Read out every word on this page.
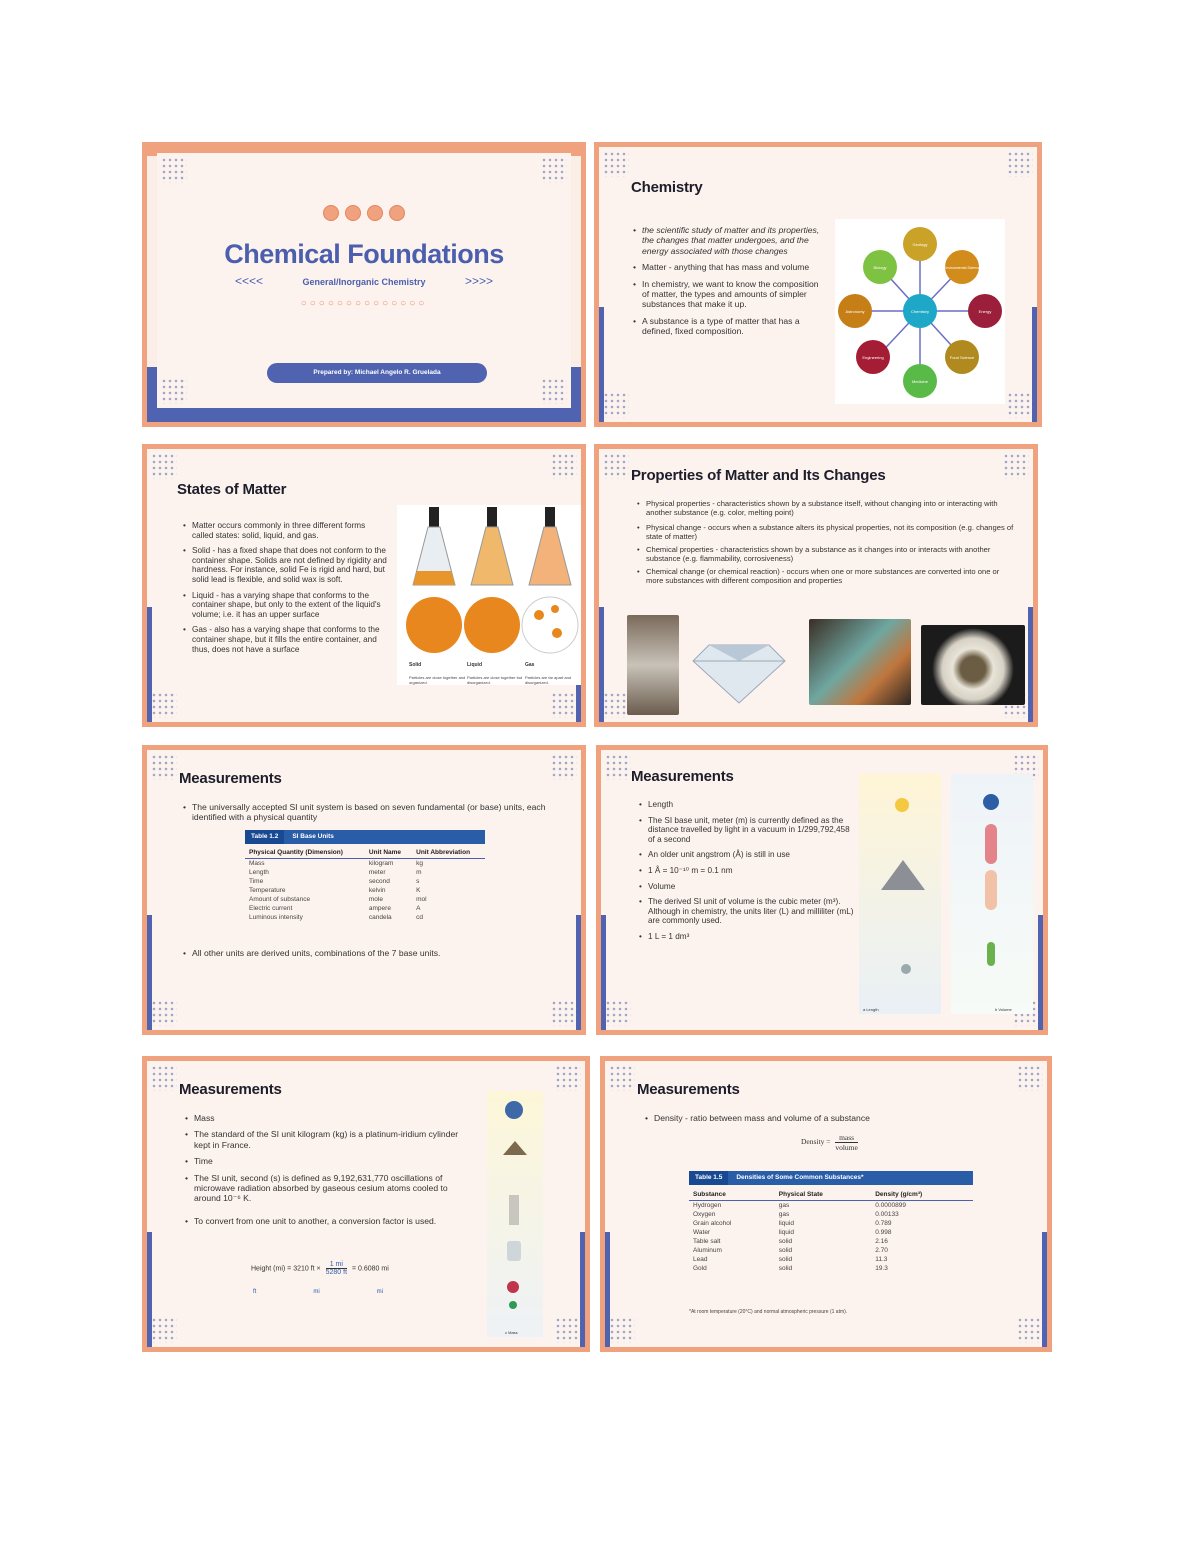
Chemical Foundations
<<<<	General/Inorganic Chemistry	>>>>
○○○○○○○○○○○○○○
Prepared by: Michael Angelo R. Gruelada
Chemistry
• the scientific study of matter and its properties, the changes that matter undergoes, and the energy associated with those changes
• Matter - anything that has mass and volume
• In chemistry, we want to know the composition of matter, the types and amounts of simpler substances that make it up.
• A substance is a type of matter that has a defined, fixed composition.
Chemistry
Biology
Geology
Environmental Science
Energy
Food Science
Medicine
Engineering
Astronomy
States of Matter
• Matter occurs commonly in three different forms called states: solid, liquid, and gas.
• Solid - has a fixed shape that does not conform to the container shape. Solids are not defined by rigidity and hardness. For instance, solid Fe is rigid and hard, but solid lead is flexible, and solid wax is soft.
• Liquid - has a varying shape that conforms to the container shape, but only to the extent of the liquid's volume; i.e. it has an upper surface
• Gas - also has a varying shape that conforms to the container shape, but it fills the entire container, and thus, does not have a surface
Solid	Liquid	Gas
Particles are close together and organized.
Particles are close together but disorganized.
Particles are far apart and disorganized.
Properties of Matter and Its Changes
• Physical properties - characteristics shown by a substance itself, without changing into or interacting with another substance (e.g. color, melting point)
• Physical change - occurs when a substance alters its physical properties, not its composition (e.g. changes of state of matter)
• Chemical properties - characteristics shown by a substance as it changes into or interacts with another substance (e.g. flammability, corrosiveness)
• Chemical change (or chemical reaction) - occurs when one or more substances are converted into one or more substances with different composition and properties
Measurements
• The universally accepted SI unit system is based on seven fundamental (or base) units, each identified with a physical quantity
Table 1.2 SI Base Units
Physical Quantity (Dimension)	Unit Name	Unit Abbreviation
Mass	kilogram	kg
Length	meter	m
Time	second	s
Temperature	kelvin	K
Amount of substance	mole	mol
Electric current	ampere	A
Luminous intensity	candela	cd
• All other units are derived units, combinations of the 7 base units.
Measurements
• Length
• The SI base unit, meter (m) is currently defined as the distance travelled by light in a vacuum in 1/299,792,458 of a second
• An older unit angstrom (Å) is still in use
• 1 Å = 10⁻¹⁰ m = 0.1 nm
• Volume
• The derived SI unit of volume is the cubic meter (m³). Although in chemistry, the units liter (L) and milliliter (mL) are commonly used.
• 1 L = 1 dm³
a Length	b Volume
Measurements
• Mass
• The standard of the SI unit kilogram (kg) is a platinum-iridium cylinder kept in France.
• Time
• The SI unit, second (s) is defined as 9,192,631,770 oscillations of microwave radiation absorbed by gaseous cesium atoms cooled to around 10⁻⁶ K.
• To convert from one unit to another, a conversion factor is used.
Height (mi) = 3210 ft × $\frac{1 mi}{5280 ft} = 0.6080$ mi
ft	mi	mi
c Mass
Measurements
• Density - ratio between mass and volume of a substance
Density =	mass
volume
Table 1.5 Densities of Some Common Substances*
Substance	Physical State	Density (g/cm³)
Hydrogen	gas	0.0000899
Oxygen	gas	0.00133
Grain alcohol	liquid	0.789
Water	liquid	0.998
Table salt	solid	2.16
Aluminum	solid	2.70
Lead	solid	11.3
Gold	solid	19.3
*At room temperature (20°C) and normal atmospheric pressure (1 atm).
